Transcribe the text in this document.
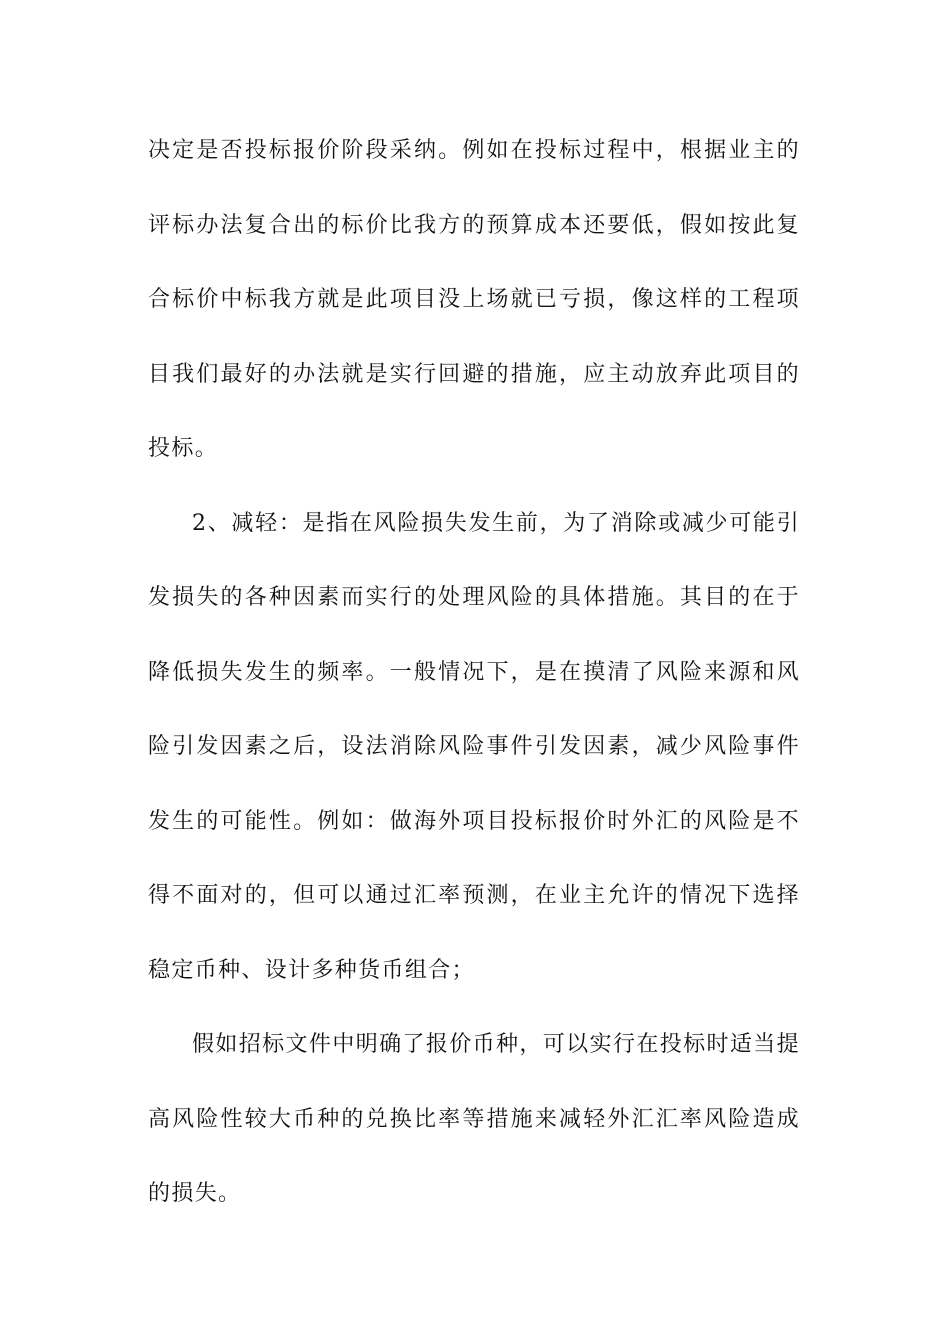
决定是否投标报价阶段采纳。例如在投标过程中，根据业主的评标办法复合出的标价比我方的预算成本还要低，假如按此复合标价中标我方就是此项目没上场就已亏损，像这样的工程项目我们最好的办法就是实行回避的措施，应主动放弃此项目的投标。

2、减轻：是指在风险损失发生前，为了消除或减少可能引发损失的各种因素而实行的处理风险的具体措施。其目的在于降低损失发生的频率。一般情况下，是在摸清了风险来源和风险引发因素之后，设法消除风险事件引发因素，减少风险事件发生的可能性。例如：做海外项目投标报价时外汇的风险是不得不面对的，但可以通过汇率预测，在业主允许的情况下选择稳定币种、设计多种货币组合；

假如招标文件中明确了报价币种，可以实行在投标时适当提高风险性较大币种的兑换比率等措施来减轻外汇汇率风险造成的损失。
